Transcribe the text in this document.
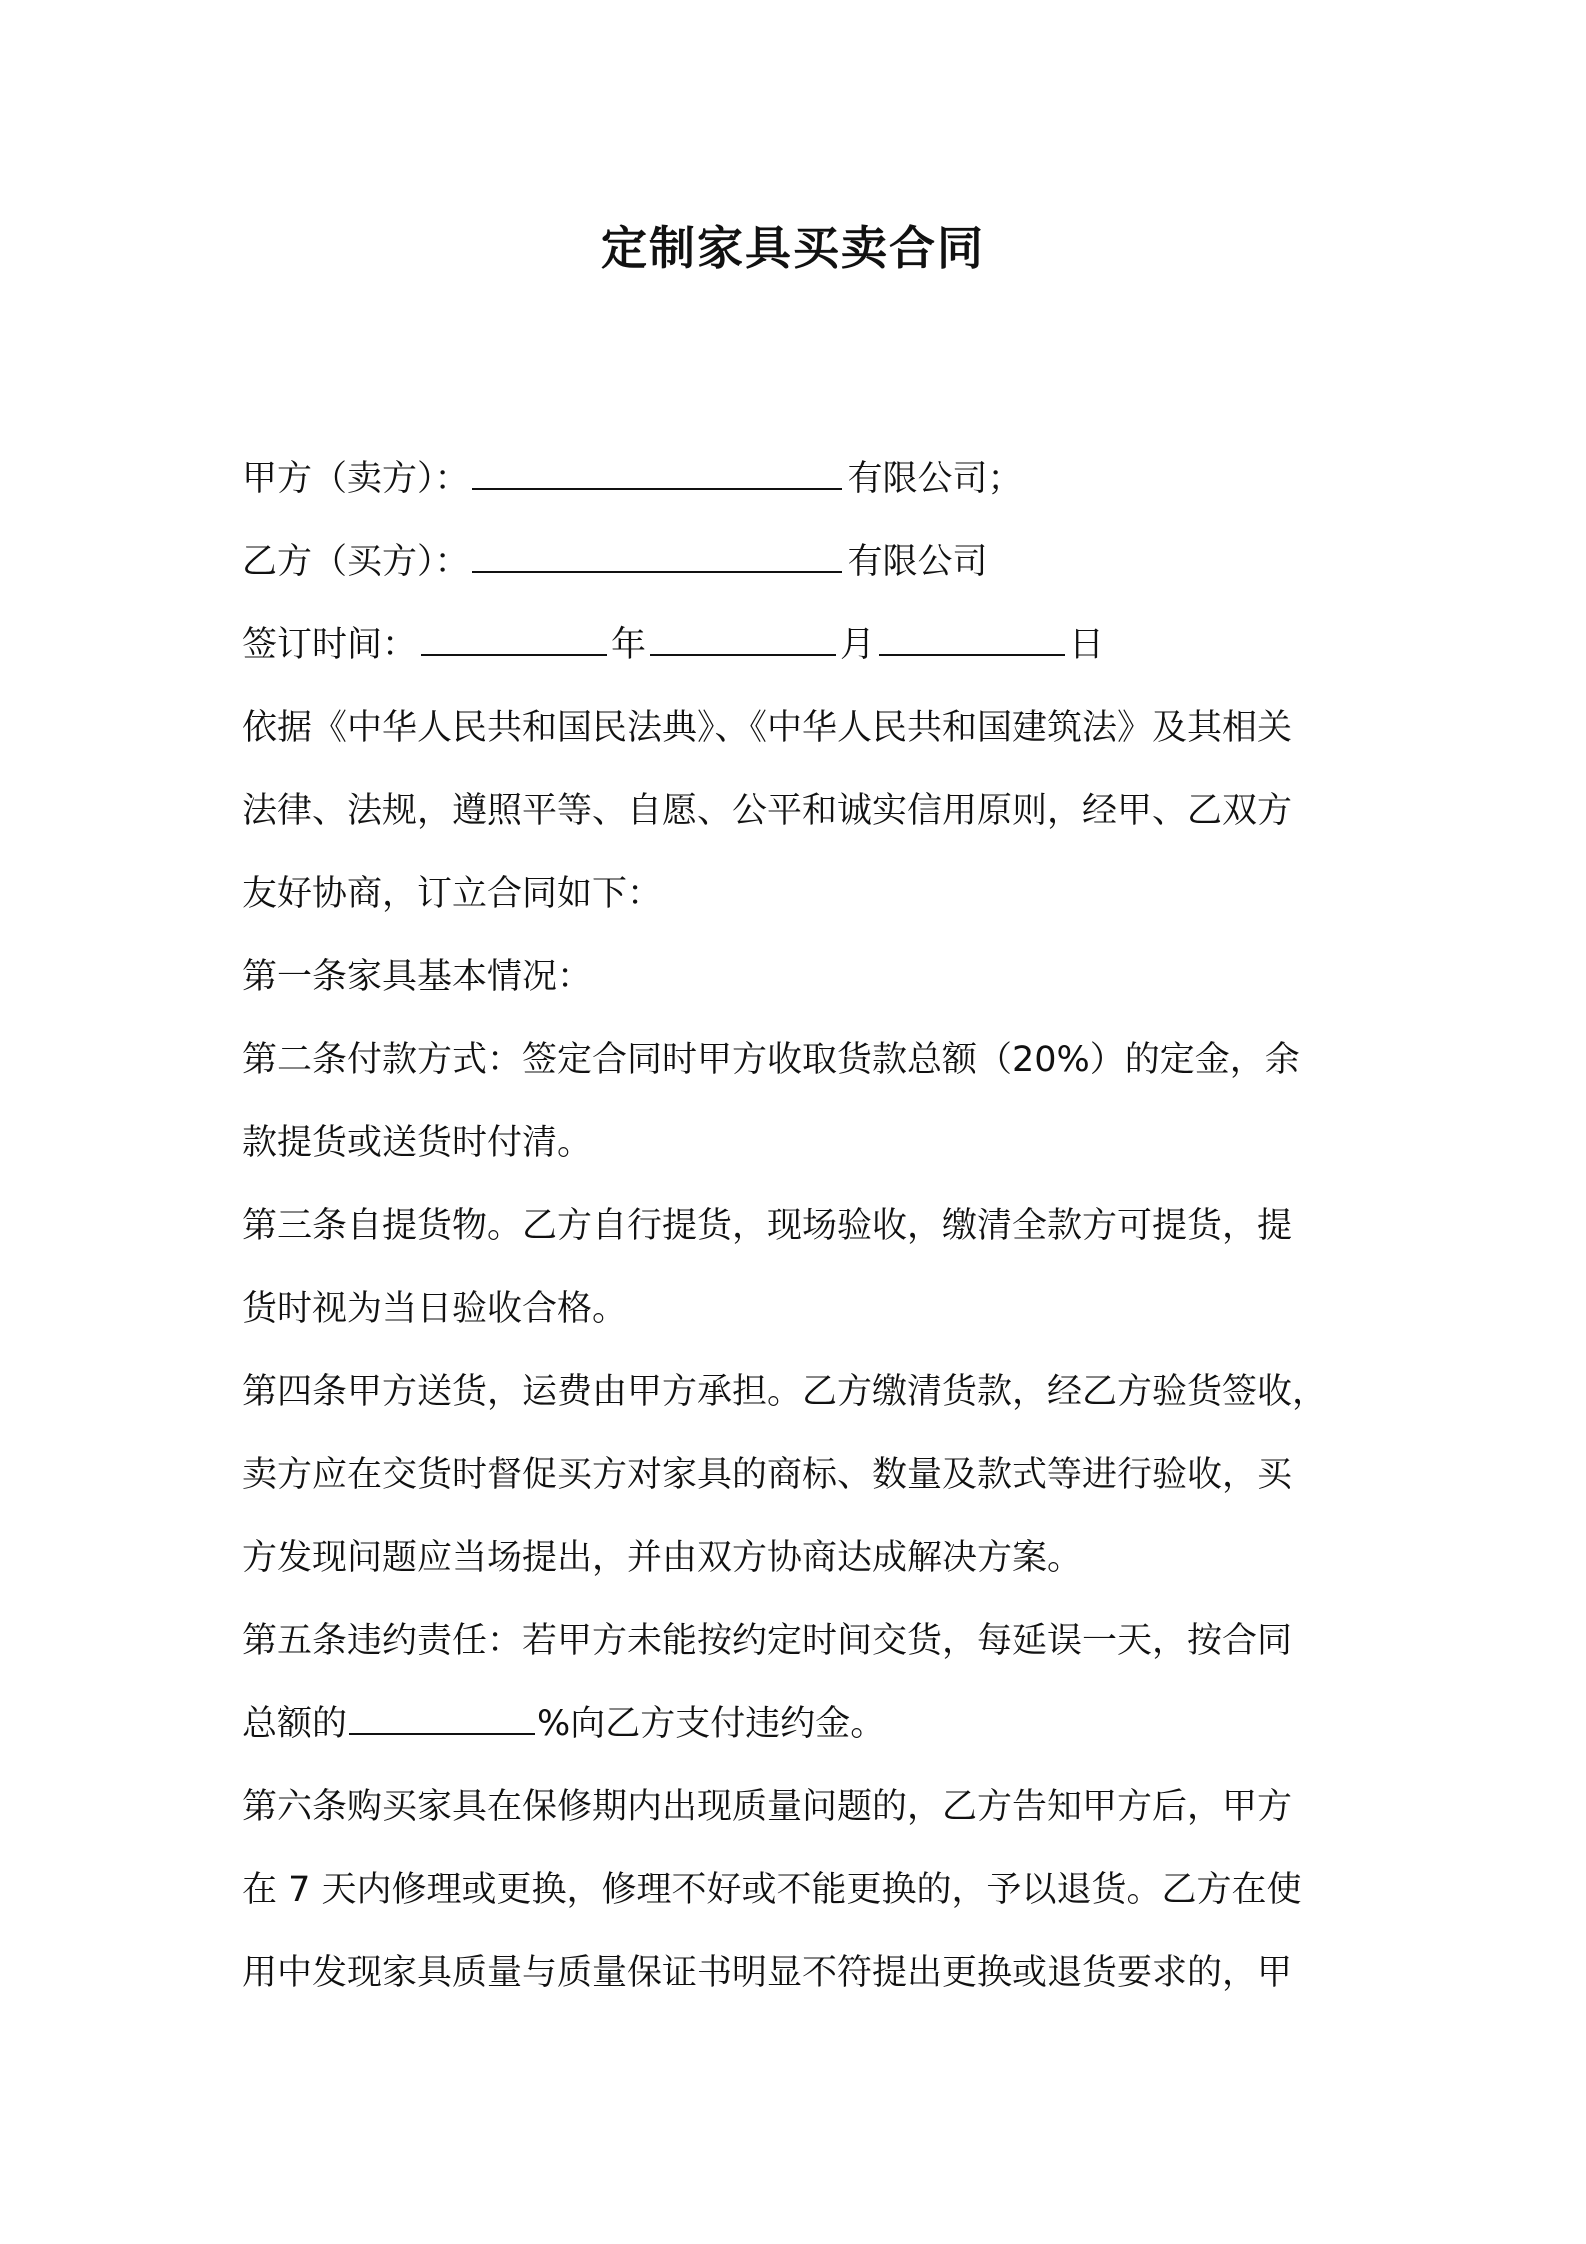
定制家具买卖合同
甲方（卖方）：	有限公司；
乙方（买方）：	有限公司
签订时间：	年	月	日
依据《中华人民共和国民法典》、《中华人民共和国建筑法》及其相关
法律、法规，遵照平等、自愿、公平和诚实信用原则，经甲、乙双方
友好协商，订立合同如下：
第一条家具基本情况：
第二条付款方式：签定合同时甲方收取货款总额（20%）的定金，余
款提货或送货时付清。
第三条自提货物。乙方自行提货，现场验收，缴清全款方可提货，提
货时视为当日验收合格。
第四条甲方送货，运费由甲方承担。乙方缴清货款，经乙方验货签收，
卖方应在交货时督促买方对家具的商标、数量及款式等进行验收，买
方发现问题应当场提出，并由双方协商达成解决方案。
第五条违约责任：若甲方未能按约定时间交货，每延误一天，按合同
总额的	%向乙方支付违约金。
第六条购买家具在保修期内出现质量问题的，乙方告知甲方后，甲方
在 7 天内修理或更换，修理不好或不能更换的，予以退货。乙方在使
用中发现家具质量与质量保证书明显不符提出更换或退货要求的，甲
